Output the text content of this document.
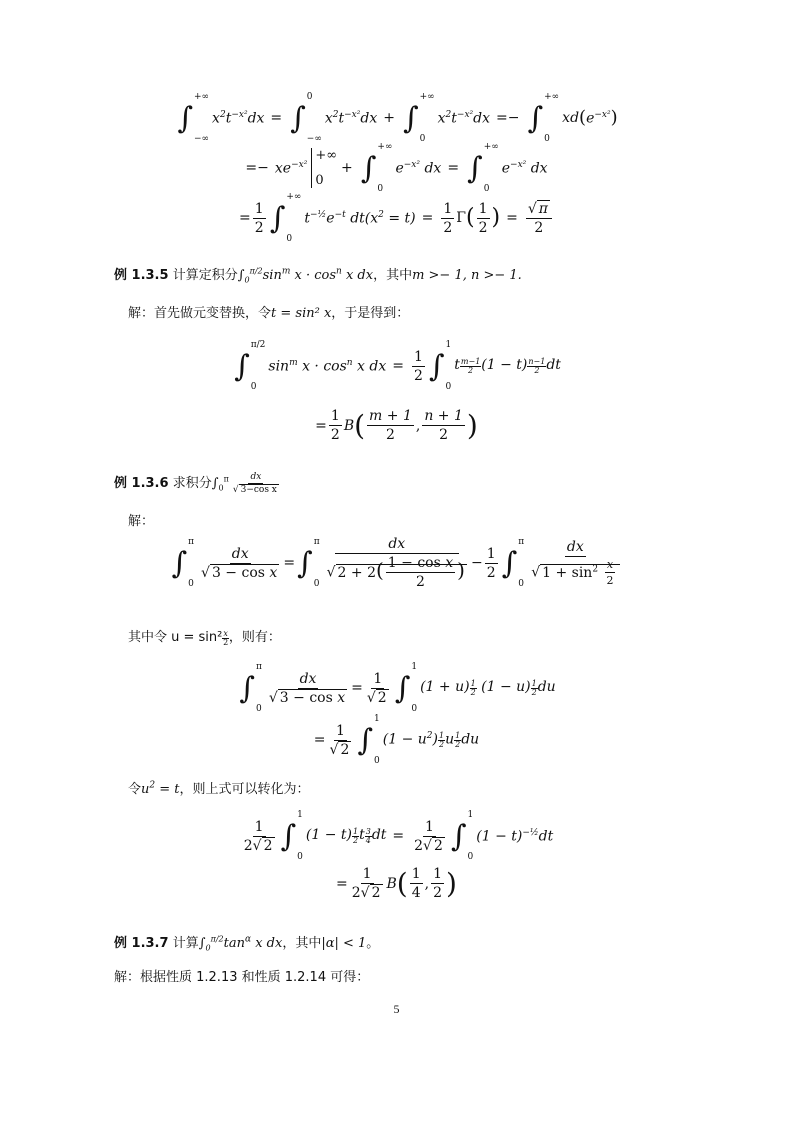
∫
+∞
−∞
$x^2t^{-x^2}dx$ = ∫
0
−∞
$x^2t^{-x^2}dx$ + ∫
+∞
0
$x^2t^{-x^2}dx$ =− ∫
+∞
0
xd ( $e^{-x^2}$ )
=− $xe^{-x^2}$
+∞
0
+ ∫
+∞
0
$e^{-x^2}$ dx = ∫
+∞
0
$e^{-x^2}$ dx
= $\frac{1}{2}$ ∫
+∞
0
$t^{-\frac{1}{2}}e^{-t}$ $dt(x^2 = t) = \frac{1}{2}$ Γ ( $\frac{1}{2}$ ) = $\frac{√ \pi}{2}$
例 1.3.5 计算定积分$\int_0^{\pi/2}\sin^m$ $x \cdot \cos^n x$ dx，其中m >− 1, n >− 1.
解：首先做元变替换，令t = sin² x，于是得到：
∫
π/2
0
$\sin^m x \cdot \cos^n x$ dx = $\frac{1}{2}$ ∫
1
0
t $\frac{m-1}{2} (1 - t) \frac{n-1}{2}$ dt
= $\frac{1}{2}$ B ( $\frac{m + 1}{2}$ , $\frac{n + 1}{2}$ )
例 1.3.6 求积分$\int_0^\pi \frac{dx}{\text{√ 3−cos x}}$
解：
∫
π
0
$\frac{dx}{\text{√ 3 − cos x}}$ = ∫
π
$0 \frac{dx}{√ 2 + 2( \frac{\text{1 − cos x}}{2} )} - \frac{1}{2}$ ∫
π
$0 \frac{dx}{√ 1 + \sin^2 \frac{x}{2}}$
其中令 $u = \sin^2 \frac{x}{2}$ ，则有：
∫
π
0
$\frac{dx}{\text{√ 3 − cos x}} = \frac{1}{√ 2}$ ∫
1
0
$(1 + u) \frac{1}{2} (1 - u) \frac{1}{2}$ du
= $\frac{1}{√ 2}$ ∫
1
0
$(1 - u^2) \frac{1}{2}$ u $\frac{1}{2}$ du
令$u^2 = t$，则上式可以转化为：
$\frac{1}{2√ 2}$ ∫
1
0
$(1 - t) \frac{1}{2}$ t $\frac{3}{4}$ dt = $\frac{1}{2√ 2}$ ∫
1
0
$(1 - t)^{-\frac{1}{2}}dt$
= $\frac{1}{2√ 2}$ B ( $\frac{1}{4}$ , $\frac{1}{2}$ )
例 1.3.7 计算$\int_0^{\pi/2}\tan^\alpha$ x dx，其中|α| < 1。
解：根据性质 1.2.13 和性质 1.2.14 可得：
5
